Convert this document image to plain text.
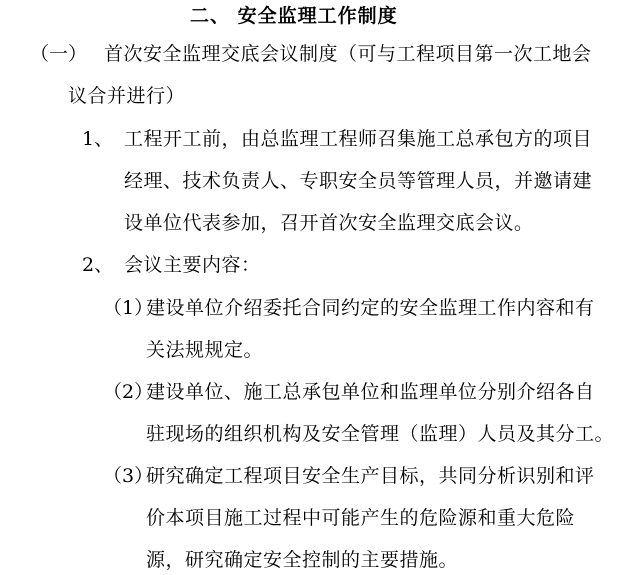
二、 安全监理工作制度
（一） 首次安全监理交底会议制度（可与工程项目第一次工地会
议合并进行）
1、 工程开工前，由总监理工程师召集施工总承包方的项目
经理、技术负责人、专职安全员等管理人员，并邀请建
设单位代表参加，召开首次安全监理交底会议。
2、 会议主要内容：
（1）
建设单位介绍委托合同约定的安全监理工作内容和有
关法规规定。
（2）
建设单位、施工总承包单位和监理单位分别介绍各自
驻现场的组织机构及安全管理（监理）人员及其分工。
（3）
研究确定工程项目安全生产目标，共同分析识别和评
价本项目施工过程中可能产生的危险源和重大危险
源，研究确定安全控制的主要措施。
